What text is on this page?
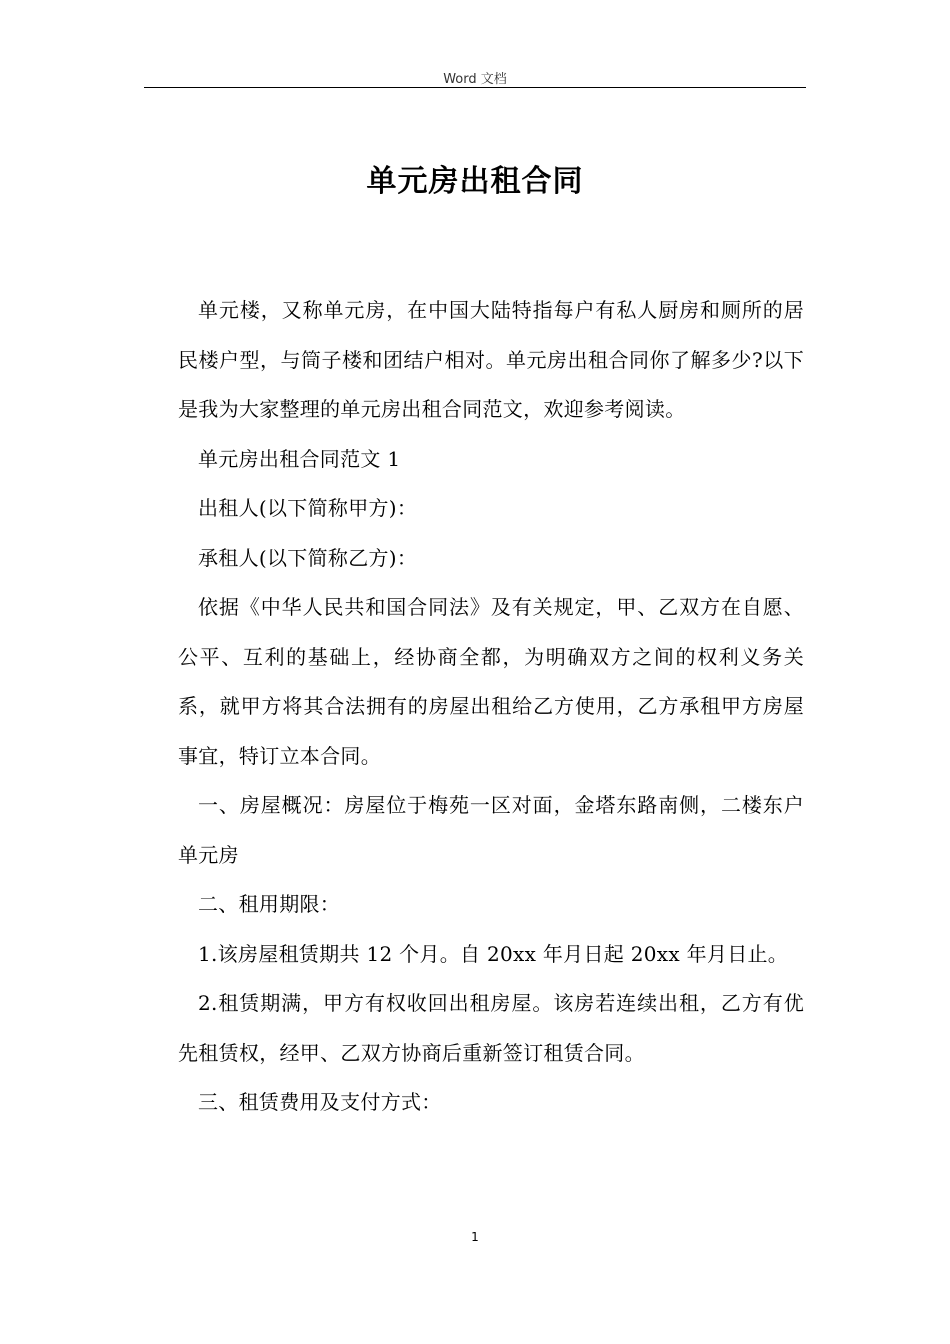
Word 文档
单元房出租合同

单元楼，又称单元房，在中国大陆特指每户有私人厨房和厕所的居民楼户型，与筒子楼和团结户相对。单元房出租合同你了解多少?以下是我为大家整理的单元房出租合同范文，欢迎参考阅读。

单元房出租合同范文 1

出租人(以下简称甲方)：

承租人(以下简称乙方)：

依据《中华人民共和国合同法》及有关规定，甲、乙双方在自愿、公平、互利的基础上，经协商全都，为明确双方之间的权利义务关系，就甲方将其合法拥有的房屋出租给乙方使用，乙方承租甲方房屋事宜，特订立本合同。

一、房屋概况：房屋位于梅苑一区对面，金塔东路南侧，二楼东户单元房

二、租用期限：

1.该房屋租赁期共 12 个月。自 20xx 年月日起 20xx 年月日止。

2.租赁期满，甲方有权收回出租房屋。该房若连续出租，乙方有优先租赁权，经甲、乙双方协商后重新签订租赁合同。

三、租赁费用及支付方式：

1
